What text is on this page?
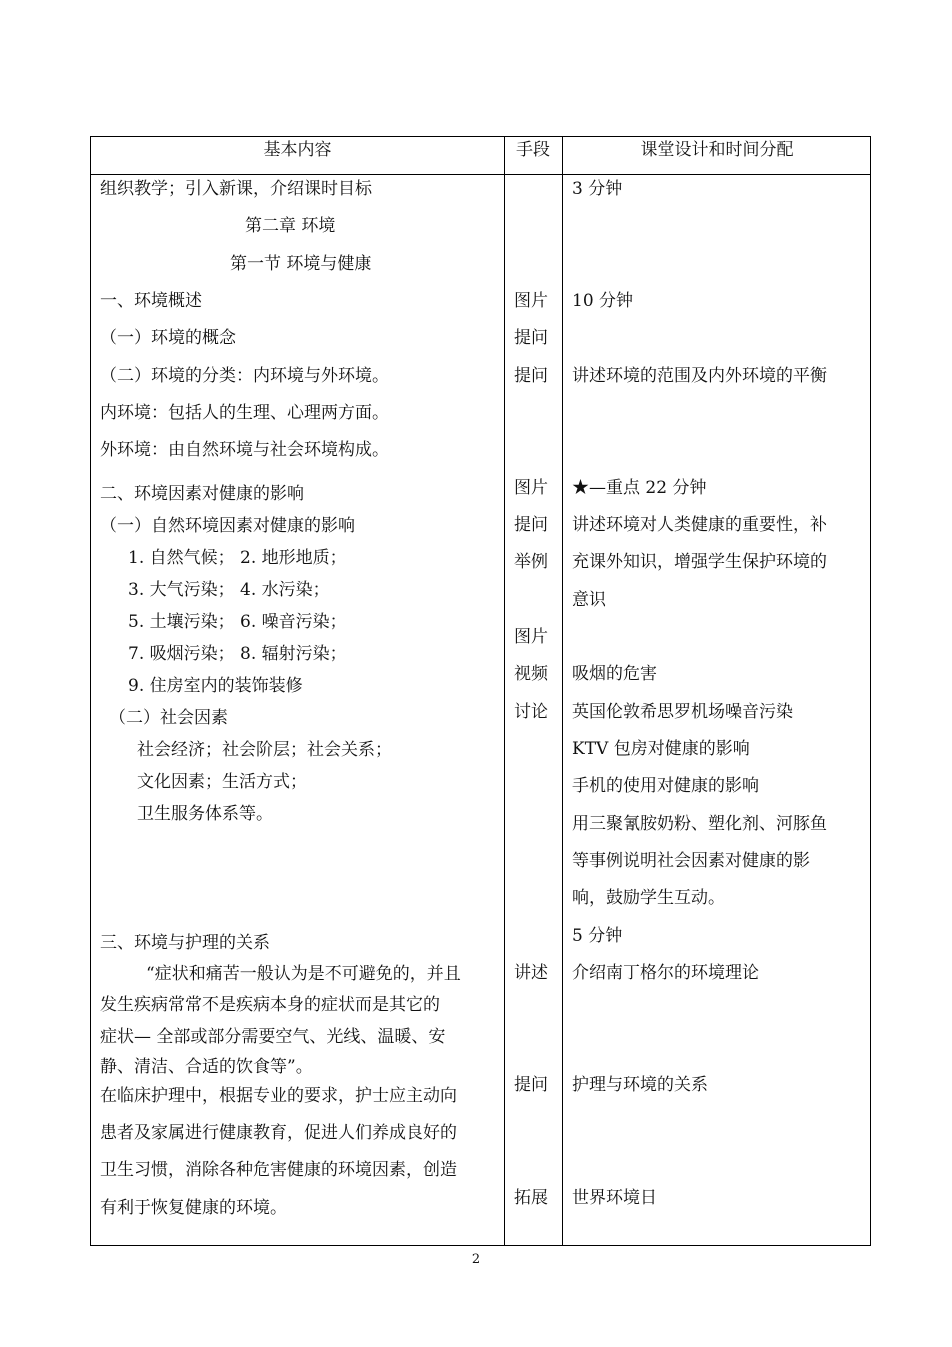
基本内容	手段	课堂设计和时间分配
组织教学；引入新课，介绍课时目标
第二章 环境
第一节 环境与健康
一、环境概述
（一）环境的概念
（二）环境的分类：内环境与外环境。
内环境：包括人的生理、心理两方面。
外环境：由自然环境与社会环境构成。
二、环境因素对健康的影响
（一）自然环境因素对健康的影响
1. 自然气候； 2. 地形地质；
3. 大气污染； 4. 水污染；
5. 土壤污染； 6. 噪音污染；
7. 吸烟污染； 8. 辐射污染；
9. 住房室内的装饰装修
（二）社会因素
社会经济；社会阶层；社会关系；
文化因素；生活方式；
卫生服务体系等。
三、环境与护理的关系
“症状和痛苦一般认为是不可避免的，并且
发生疾病常常不是疾病本身的症状而是其它的
症状— 全部或部分需要空气、光线、温暖、安
静、清洁、合适的饮食等”。
在临床护理中，根据专业的要求，护士应主动向
患者及家属进行健康教育，促进人们养成良好的
卫生习惯，消除各种危害健康的环境因素，创造
有利于恢复健康的环境。
图片
提问
提问
图片
提问
举例
图片
视频
讨论
讲述
提问
拓展
3 分钟
10 分钟
讲述环境的范围及内外环境的平衡
★—重点 22 分钟
讲述环境对人类健康的重要性，补
充课外知识，增强学生保护环境的
意识
吸烟的危害
英国伦敦希思罗机场噪音污染
KTV 包房对健康的影响
手机的使用对健康的影响
用三聚氰胺奶粉、塑化剂、河豚鱼
等事例说明社会因素对健康的影
响，鼓励学生互动。
5 分钟
介绍南丁格尔的环境理论
护理与环境的关系
世界环境日
2
